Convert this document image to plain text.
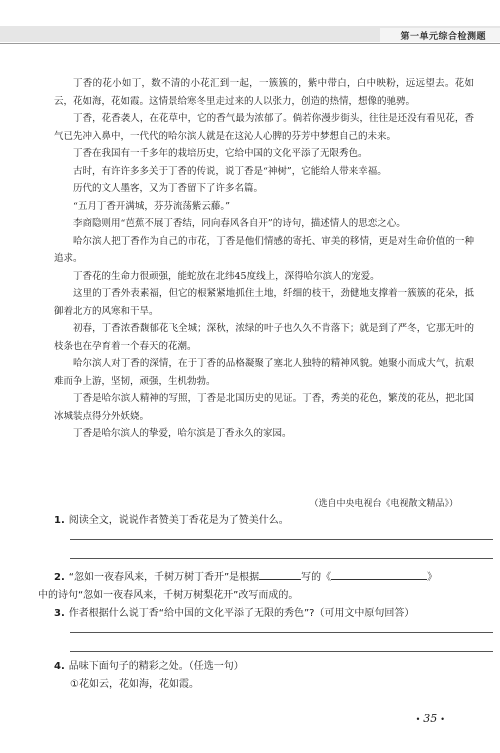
第一单元综合检测题

丁香的花小如丁，数不清的小花汇到一起，一簇簇的，紫中带白，白中映粉，远远望去。花如云，花如海，花如霞。这情景给寒冬里走过来的人以张力，创造的热情，想像的驰骋。

丁香，花香袭人，在花草中，它的香气最为浓郁了。倘若你漫步街头，往往是还没有看见花，香气已先冲入鼻中，一代代的哈尔滨人就是在这沁人心脾的芬芳中梦想自己的未来。

丁香在我国有一千多年的栽培历史，它给中国的文化平添了无限秀色。

古时，有许许多多关于丁香的传说，说丁香是“神树”，它能给人带来幸福。

历代的文人墨客，又为丁香留下了许多名篇。

“五月丁香开满城，芬芬流荡紫云藤。”

李商隐则用“芭蕉不展丁香结，同向春风各自开”的诗句，描述情人的思恋之心。

哈尔滨人把丁香作为自己的市花，丁香是他们情感的寄托、审美的移情，更是对生命价值的一种追求。

丁香花的生命力很顽强，能蛇放在北纬45度线上，深得哈尔滨人的宠爱。

这里的丁香外表素福，但它的根紧紧地抓住土地，纤细的枝干，劲健地支撑着一簇簇的花朵，抵御着北方的风寒和干旱。

初春，丁香浓香馥郁花飞全城；深秋，浓绿的叶子也久久不肯落下；就是到了严冬，它那无叶的枝条也在孕育着一个春天的花潮。

哈尔滨人对丁香的深情，在于丁香的品格凝聚了塞北人独特的精神风貌。她聚小而成大气，抗艰难而争上游，坚韧，顽强，生机勃勃。

丁香是哈尔滨人精神的写照，丁香是北国历史的见证。丁香，秀美的花色，繁茂的花丛，把北国冰城装点得分外妖娆。

丁香是哈尔滨人的挚爱，哈尔滨是丁香永久的家园。

（选自中央电视台《电视散文精品》）

1. 阅读全文，说说作者赞美丁香花是为了赞美什么。

2. “忽如一夜春风来，千树万树丁香开”是根据	写的《	》

中的诗句“忽如一夜春风来，千树万树梨花开”改写而成的。

3. 作者根据什么说丁香“给中国的文化平添了无限的秀色”?（可用文中原句回答）

4. 品味下面句子的精彩之处。（任选一句）

①花如云，花如海，花如霞。

• 35 •
